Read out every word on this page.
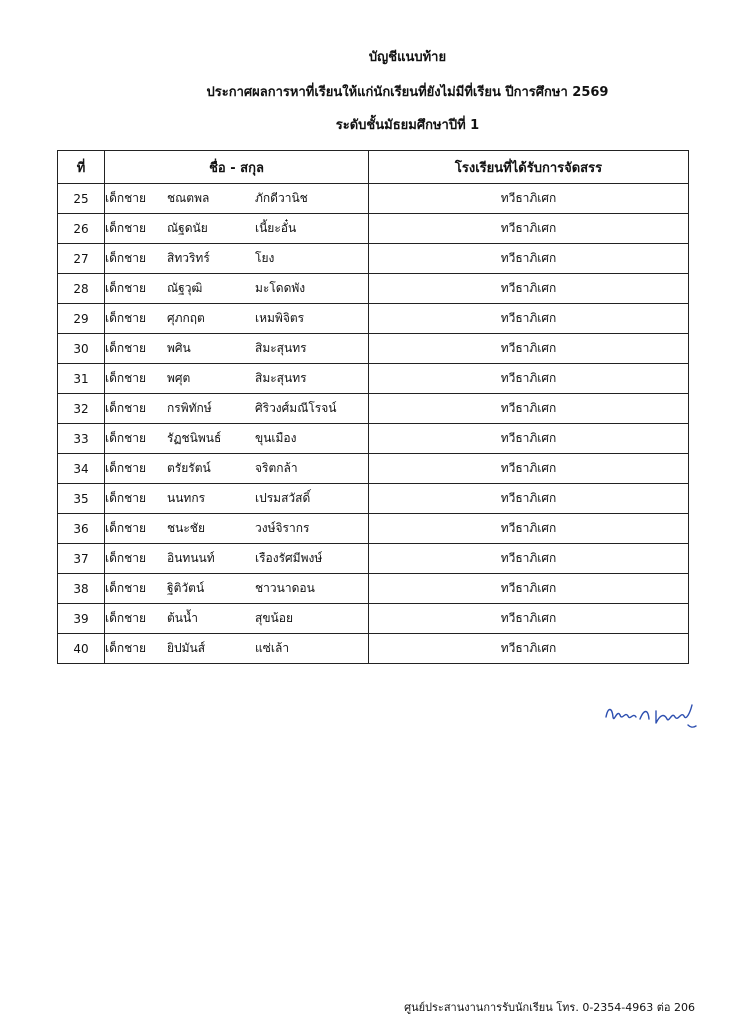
บัญชีแนบท้าย
ประกาศผลการหาที่เรียนให้แก่นักเรียนที่ยังไม่มีที่เรียน ปีการศึกษา 2569
ระดับชั้นมัธยมศึกษาปีที่ 1
ที่	ชื่อ - สกุล	โรงเรียนที่ได้รับการจัดสรร
25	เด็กชาย ชณตพล ภักดีวานิช	ทวีธาภิเศก
26	เด็กชาย ณัฐดนัย เนี้ยะอั๋น	ทวีธาภิเศก
27	เด็กชาย สิทวริทร์ โยง	ทวีธาภิเศก
28	เด็กชาย ณัฐวุฒิ มะโดดพัง	ทวีธาภิเศก
29	เด็กชาย ศุภกฤต เหมพิจิตร	ทวีธาภิเศก
30	เด็กชาย พศิน สิมะสุนทร	ทวีธาภิเศก
31	เด็กชาย พศุต สิมะสุนทร	ทวีธาภิเศก
32	เด็กชาย กรพิทักษ์ ศิริวงศ์มณีโรจน์	ทวีธาภิเศก
33	เด็กชาย รัฏชนิพนธ์ ขุนเมือง	ทวีธาภิเศก
34	เด็กชาย ตรัยรัตน์ จริตกล้า	ทวีธาภิเศก
35	เด็กชาย นนทกร เปรมสวัสดิ์	ทวีธาภิเศก
36	เด็กชาย ชนะชัย วงษ์จิรากร	ทวีธาภิเศก
37	เด็กชาย อินทนนท์ เรืองรัศมีพงษ์	ทวีธาภิเศก
38	เด็กชาย ฐิติวัตน์ ชาวนาดอน	ทวีธาภิเศก
39	เด็กชาย ต้นน้ำ สุขน้อย	ทวีธาภิเศก
40	เด็กชาย ยิปมันส์ แซ่เล้า	ทวีธาภิเศก
ศูนย์ประสานงานการรับนักเรียน โทร. 0-2354-4963 ต่อ 206
